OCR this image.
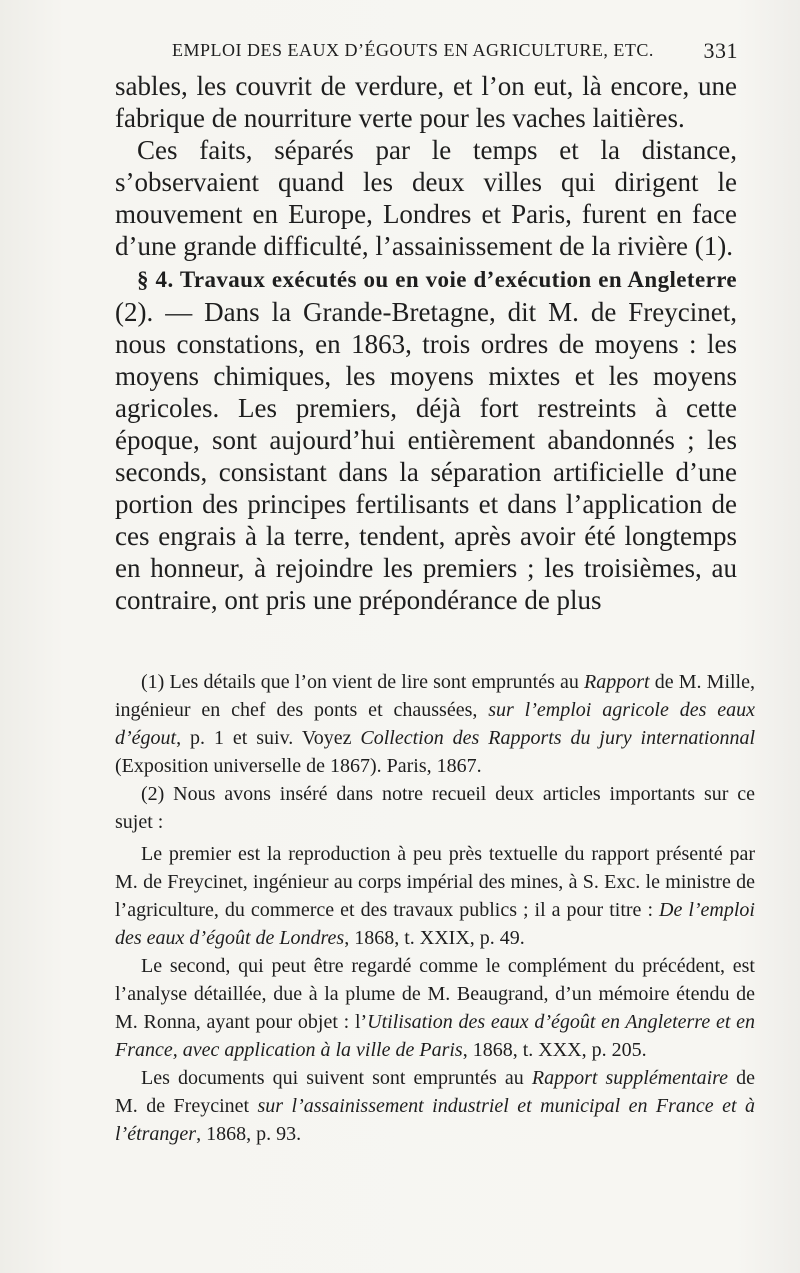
EMPLOI DES EAUX D’ÉGOUTS EN AGRICULTURE, ETC. 331

sables, les couvrit de verdure, et l’on eut, là encore, une fabrique de nourriture verte pour les vaches laitières.

Ces faits, séparés par le temps et la distance, s’observaient quand les deux villes qui dirigent le mouvement en Europe, Londres et Paris, furent en face d’une grande difficulté, l’assainissement de la rivière (1).

§ 4. Travaux exécutés ou en voie d’exécution en Angleterre (2). — Dans la Grande-Bretagne, dit M. de Freycinet, nous constations, en 1863, trois ordres de moyens : les moyens chimiques, les moyens mixtes et les moyens agricoles. Les premiers, déjà fort restreints à cette époque, sont aujourd’hui entièrement abandonnés ; les seconds, consistant dans la séparation artificielle d’une portion des principes fertilisants et dans l’application de ces engrais à la terre, tendent, après avoir été longtemps en honneur, à rejoindre les premiers ; les troisièmes, au contraire, ont pris une prépondérance de plus

(1) Les détails que l’on vient de lire sont empruntés au Rapport de M. Mille, ingénieur en chef des ponts et chaussées, sur l’emploi agricole des eaux d’égout, p. 1 et suiv. Voyez Collection des Rapports du jury internationnal (Exposition universelle de 1867). Paris, 1867.

(2) Nous avons inséré dans notre recueil deux articles importants sur ce sujet :

Le premier est la reproduction à peu près textuelle du rapport présenté par M. de Freycinet, ingénieur au corps impérial des mines, à S. Exc. le ministre de l’agriculture, du commerce et des travaux publics ; il a pour titre : De l’emploi des eaux d’égoût de Londres, 1868, t. XXIX, p. 49.

Le second, qui peut être regardé comme le complément du précédent, est l’analyse détaillée, due à la plume de M. Beaugrand, d’un mémoire étendu de M. Ronna, ayant pour objet : l’Utilisation des eaux d’égoût en Angleterre et en France, avec application à la ville de Paris, 1868, t. XXX, p. 205.

Les documents qui suivent sont empruntés au Rapport supplémentaire de M. de Freycinet sur l’assainissement industriel et municipal en France et à l’étranger, 1868, p. 93.
